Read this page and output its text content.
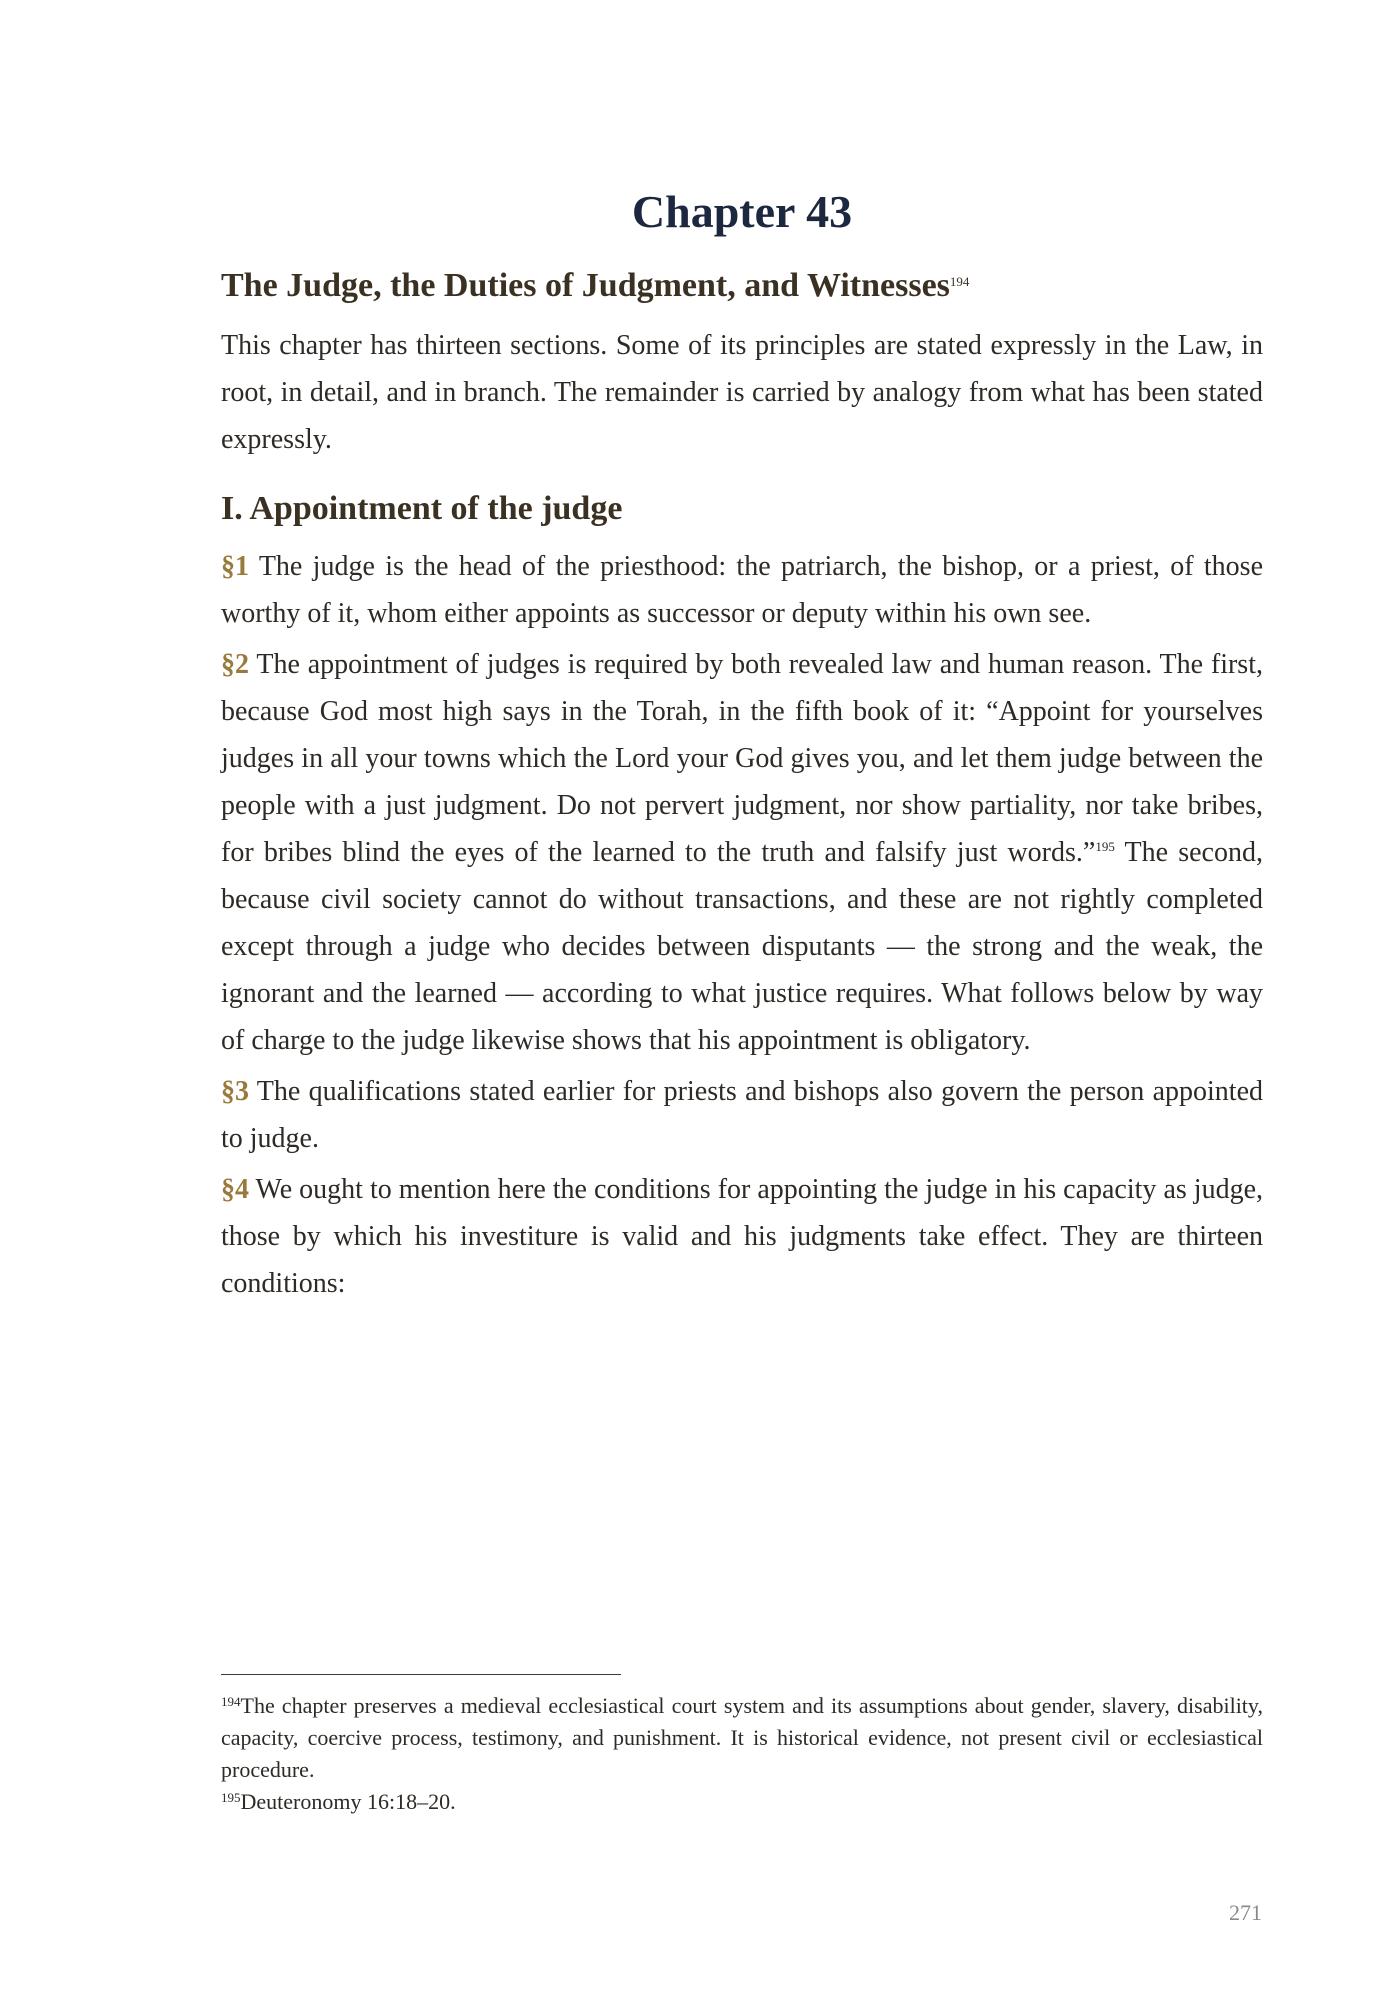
Chapter 43
The Judge, the Duties of Judgment, and Witnesses$^{194}$

This chapter has thirteen sections. Some of its principles are stated expressly in the Law, in root, in detail, and in branch. The remainder is carried by analogy from what has been stated expressly.

I. Appointment of the judge

§1 The judge is the head of the priesthood: the patriarch, the bishop, or a priest, of those worthy of it, whom either appoints as successor or deputy within his own see.

§2 The appointment of judges is required by both revealed law and human reason. The first, because God most high says in the Torah, in the fifth book of it: “Appoint for yourselves judges in all your towns which the Lord your God gives you, and let them judge between the people with a just judgment. Do not pervert judgment, nor show partiality, nor take bribes, for bribes blind the eyes of the learned to the truth and falsify just words.”$^{195}$ The second, because civil society cannot do without transactions, and these are not rightly completed except through a judge who decides between disputants — the strong and the weak, the ignorant and the learned — according to what justice requires. What follows below by way of charge to the judge likewise shows that his appointment is obligatory.

§3 The qualifications stated earlier for priests and bishops also govern the person appointed to judge.

§4 We ought to mention here the conditions for appointing the judge in his capacity as judge, those by which his investiture is valid and his judgments take effect. They are thirteen conditions:

$^{194}$The chapter preserves a medieval ecclesiastical court system and its assumptions about gender, slavery, disability, capacity, coercive process, testimony, and punishment. It is historical evidence, not present civil or ecclesiastical procedure.

$^{195}$Deuteronomy 16:18–20.

271
